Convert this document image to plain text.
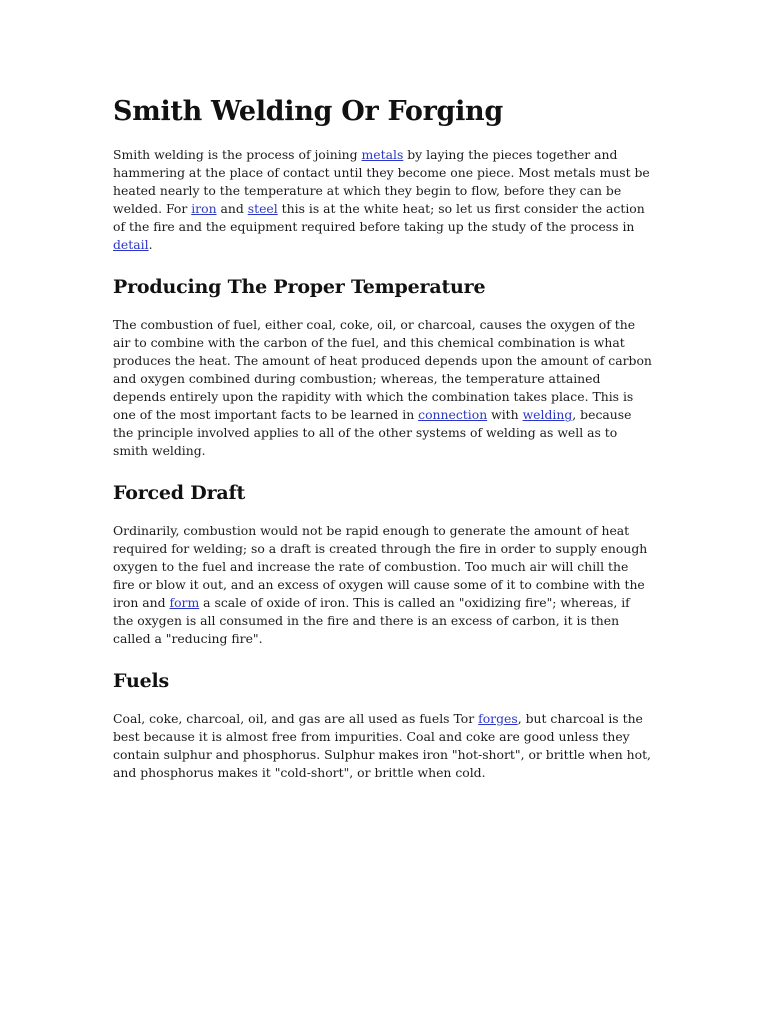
Smith Welding Or Forging

Smith welding is the process of joining metals by laying the pieces together and hammering at the place of contact until they become one piece. Most metals must be heated nearly to the temperature at which they begin to flow, before they can be welded. For iron and steel this is at the white heat; so let us first consider the action of the fire and the equipment required before taking up the study of the process in detail.

Producing The Proper Temperature

The combustion of fuel, either coal, coke, oil, or charcoal, causes the oxygen of the air to combine with the carbon of the fuel, and this chemical combination is what produces the heat. The amount of heat produced depends upon the amount of carbon and oxygen combined during combustion; whereas, the temperature attained depends entirely upon the rapidity with which the combination takes place. This is one of the most important facts to be learned in connection with welding, because the principle involved applies to all of the other systems of welding as well as to smith welding.

Forced Draft

Ordinarily, combustion would not be rapid enough to generate the amount of heat required for welding; so a draft is created through the fire in order to supply enough oxygen to the fuel and increase the rate of combustion. Too much air will chill the fire or blow it out, and an excess of oxygen will cause some of it to combine with the iron and form a scale of oxide of iron. This is called an "oxidizing fire"; whereas, if the oxygen is all consumed in the fire and there is an excess of carbon, it is then called a "reducing fire".

Fuels

Coal, coke, charcoal, oil, and gas are all used as fuels Tor forges, but charcoal is the best because it is almost free from impurities. Coal and coke are good unless they contain sulphur and phosphorus. Sulphur makes iron "hot-short", or brittle when hot, and phosphorus makes it "cold-short", or brittle when cold.
